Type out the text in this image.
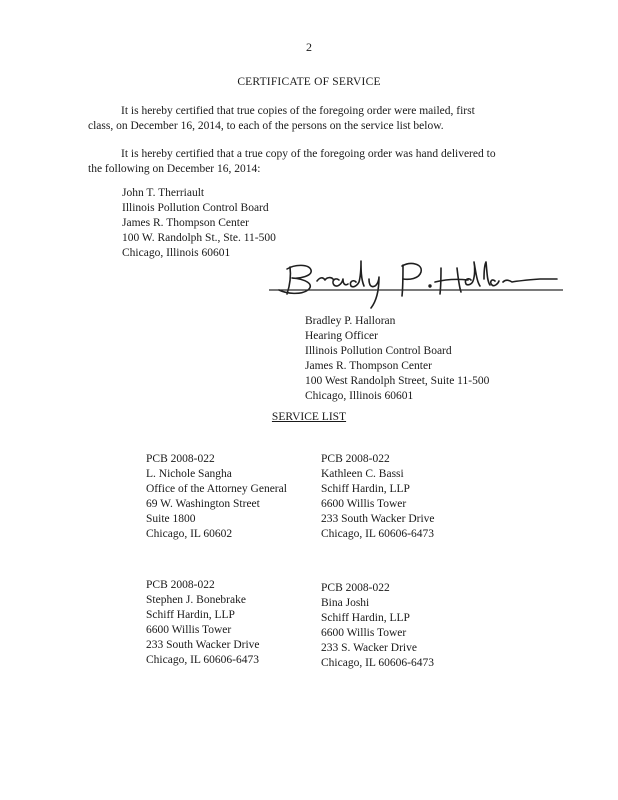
2
CERTIFICATE OF SERVICE
It is hereby certified that true copies of the foregoing order were mailed, first
class, on December 16, 2014, to each of the persons on the service list below.
It is hereby certified that a true copy of the foregoing order was hand delivered to
the following on December 16, 2014:
John T. Therriault
Illinois Pollution Control Board
James R. Thompson Center
100 W. Randolph St., Ste. 11-500
Chicago, Illinois 60601
Bradley P. Halloran
Hearing Officer
Illinois Pollution Control Board
James R. Thompson Center
100 West Randolph Street, Suite 11-500
Chicago, Illinois 60601
SERVICE LIST
PCB 2008-022
L. Nichole Sangha
Office of the Attorney General
69 W. Washington Street
Suite 1800
Chicago, IL 60602
PCB 2008-022
Kathleen C. Bassi
Schiff Hardin, LLP
6600 Willis Tower
233 South Wacker Drive
Chicago, IL 60606-6473
PCB 2008-022
Stephen J. Bonebrake
Schiff Hardin, LLP
6600 Willis Tower
233 South Wacker Drive
Chicago, IL 60606-6473
PCB 2008-022
Bina Joshi
Schiff Hardin, LLP
6600 Willis Tower
233 S. Wacker Drive
Chicago, IL 60606-6473
